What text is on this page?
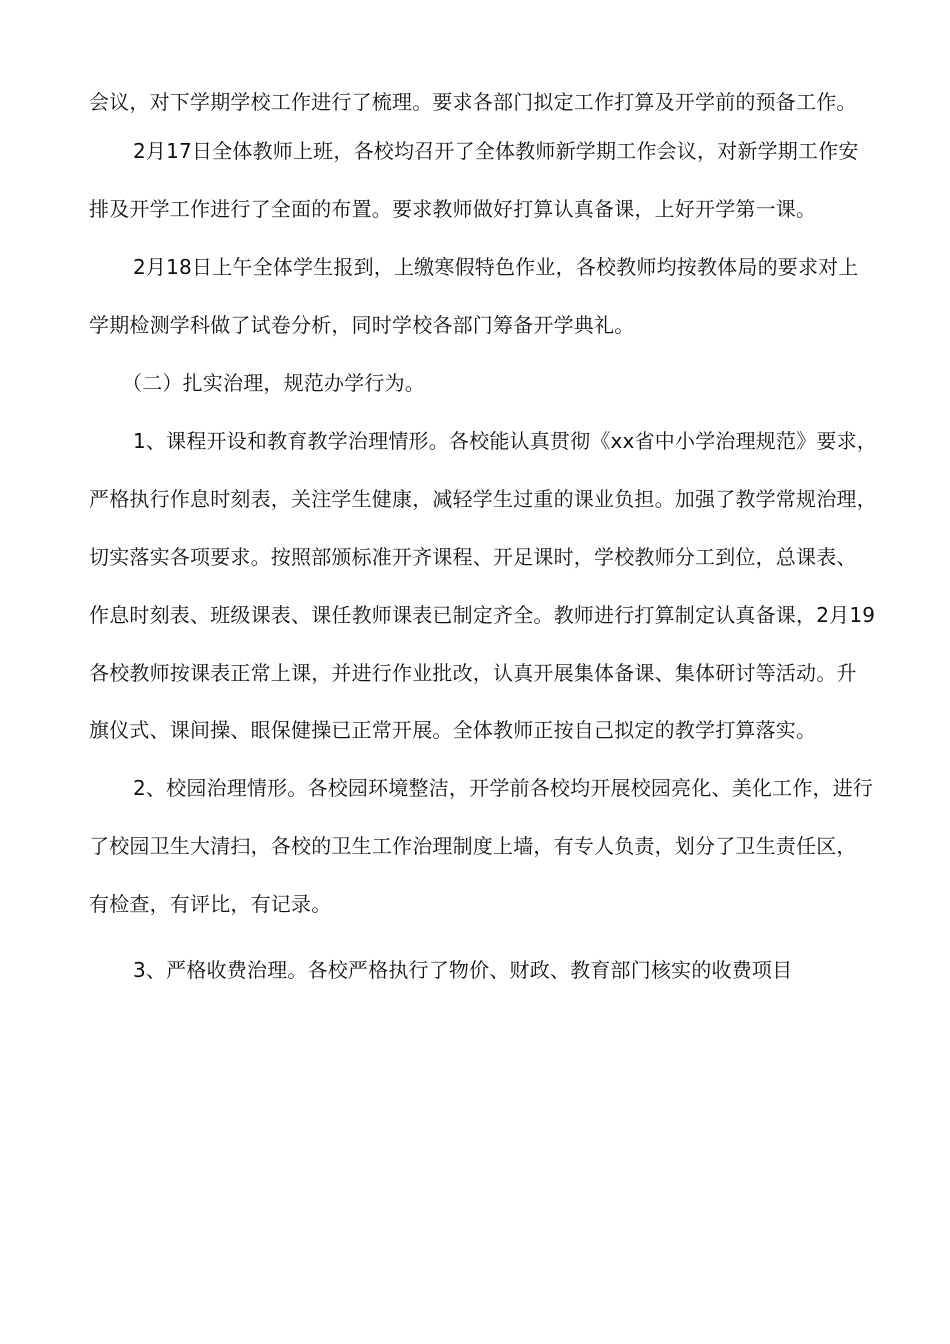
会议，对下学期学校工作进行了梳理。要求各部门拟定工作打算及开学前的预备工作。
2月17日全体教师上班，各校均召开了全体教师新学期工作会议，对新学期工作安
排及开学工作进行了全面的布置。要求教师做好打算认真备课，上好开学第一课。
2月18日上午全体学生报到，上缴寒假特色作业，各校教师均按教体局的要求对上
学期检测学科做了试卷分析，同时学校各部门筹备开学典礼。
（二）扎实治理，规范办学行为。
1、课程开设和教育教学治理情形。各校能认真贯彻《xx省中小学治理规范》要求，
严格执行作息时刻表，关注学生健康，减轻学生过重的课业负担。加强了教学常规治理，
切实落实各项要求。按照部颁标准开齐课程、开足课时，学校教师分工到位，总课表、
作息时刻表、班级课表、课任教师课表已制定齐全。教师进行打算制定认真备课，2月19
各校教师按课表正常上课，并进行作业批改，认真开展集体备课、集体研讨等活动。升
旗仪式、课间操、眼保健操已正常开展。全体教师正按自己拟定的教学打算落实。
2、校园治理情形。各校园环境整洁，开学前各校均开展校园亮化、美化工作，进行
了校园卫生大清扫，各校的卫生工作治理制度上墙，有专人负责，划分了卫生责任区，
有检查，有评比，有记录。
3、严格收费治理。各校严格执行了物价、财政、教育部门核实的收费项目
